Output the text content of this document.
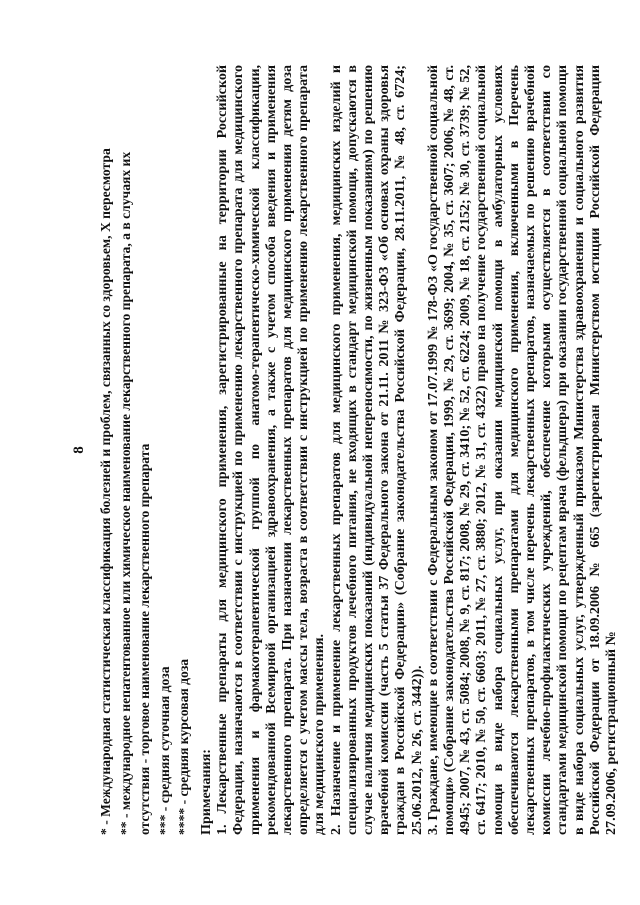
8 * - Международная статистическая классификация болезней и проблем, связанных со здоровьем, X пересмотра ** - международное непатентованное или химическое наименование лекарственного препарата, а в случаях их отсутствия - торговое наименование лекарственного препарата *** - средняя суточная доза **** - средняя курсовая доза Примечания: 1. Лекарственные препараты для медицинского применения, зарегистрированные на территории Российской Федерации, назначаются в соответствии с инструкцией по применению лекарственного препарата для медицинского применения и фармакотерапевтической группой по анатомо-терапевтическо-химической классификации, рекомендованной Всемирной организацией здравоохранения, а также с учетом способа введения и применения лекарственного препарата. При назначении лекарственных препаратов для медицинского применения детям доза определяется с учетом массы тела, возраста в соответствии с инструкцией по применению лекарственного препарата для медицинского применения. 2. Назначение и применение лекарственных препаратов для медицинского применения, медицинских изделий и специализированных продуктов лечебного питания, не входящих в стандарт медицинской помощи, допускаются в случае наличия медицинских показаний (индивидуальной непереносимости, по жизненным показаниям) по решению врачебной комиссии (часть 5 статьи 37 Федерального закона от 21.11. 2011 № 323-ФЗ «Об основах охраны здоровья граждан в Российской Федерации» (Собрание законодательства Российской Федерации, 28.11.2011, № 48, ст. 6724; 25.06.2012, № 26, ст. 3442)). 3. Граждане, имеющие в соответствии с Федеральным законом от 17.07.1999 № 178-ФЗ «О государственной социальной помощи» (Собрание законодательства Российской Федерации, 1999, № 29, ст. 3699; 2004, № 35, ст. 3607; 2006, № 48, ст. 4945; 2007, № 43, ст. 5084; 2008, № 9, ст. 817; 2008, № 29, ст. 3410; № 52, ст. 6224; 2009, № 18, ст. 2152; № 30, ст. 3739; № 52, ст. 6417; 2010, № 50, ст. 6603; 2011, № 27, ст. 3880; 2012, № 31, ст. 4322) право на получение государственной социальной помощи в виде набора социальных услуг, при оказании медицинской помощи в амбулаторных условиях обеспечиваются лекарственными препаратами для медицинского применения, включенными в Перечень лекарственных препаратов, в том числе перечень лекарственных препаратов, назначаемых по решению врачебной комиссии лечебно-профилактических учреждений, обеспечение которыми осуществляется в соответствии со стандартами медицинской помощи по рецептам врача (фельдшера) при оказании государственной социальной помощи в виде набора социальных услуг, утвержденный приказом Министерства здравоохранения и социального развития Российской Федерации от 18.09.2006 № 665 (зарегистрирован Министерством юстиции Российской Федерации 27.09.2006, регистрационный №
